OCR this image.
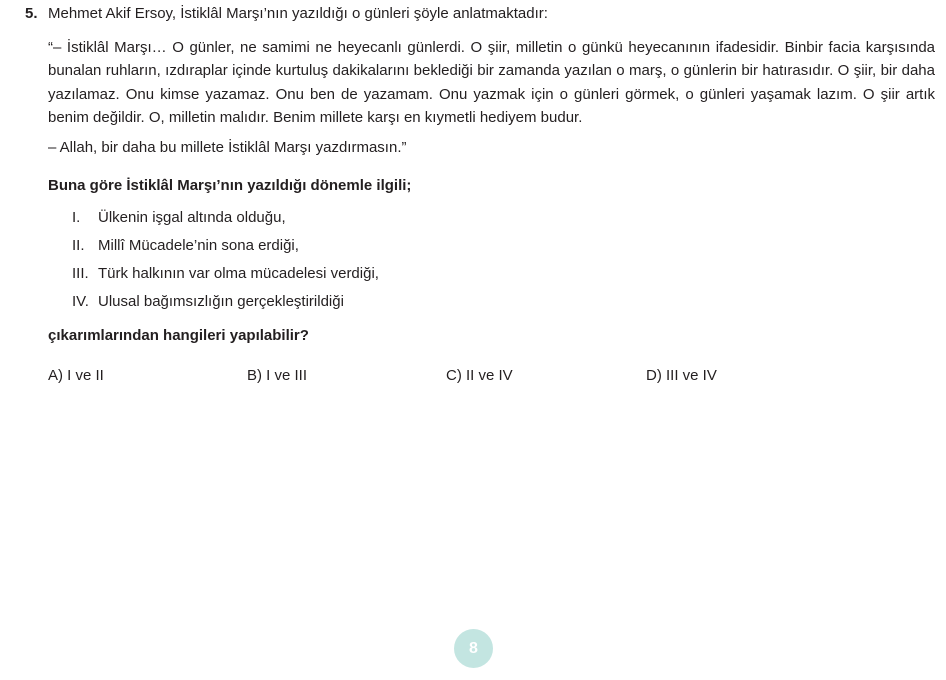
5. Mehmet Akif Ersoy, İstiklâl Marşı’nın yazıldığı o günleri şöyle anlatmaktadır:

“– İstiklâl Marşı… O günler, ne samimi ne heyecanlı günlerdi. O şiir, milletin o günkü heyecanının ifadesidir. Binbir facia karşısında bunalan ruhların, ızdıraplar içinde kurtuluş dakikalarını beklediği bir zamanda yazılan o marş, o günlerin bir hatırasıdır. O şiir, bir daha yazılamaz. Onu kimse yazamaz. Onu ben de yazamam. Onu yazmak için o günleri görmek, o günleri yaşamak lazım. O şiir artık benim değildir. O, milletin malıdır. Benim millete karşı en kıymetli hediyem budur.

– Allah, bir daha bu millete İstiklâl Marşı yazdırmasın.”
Buna göre İstiklâl Marşı’nın yazıldığı dönemle ilgili;
I. Ülkenin işgal altında olduğu,
II. Millî Mücadele’nin sona erdiği,
III. Türk halkının var olma mücadelesi verdiği,
IV. Ulusal bağımsızlığın gerçekleştirildiği
çıkarımlarından hangileri yapılabilir?
A) I ve II	B) I ve III	C) II ve IV	D) III ve IV
8
